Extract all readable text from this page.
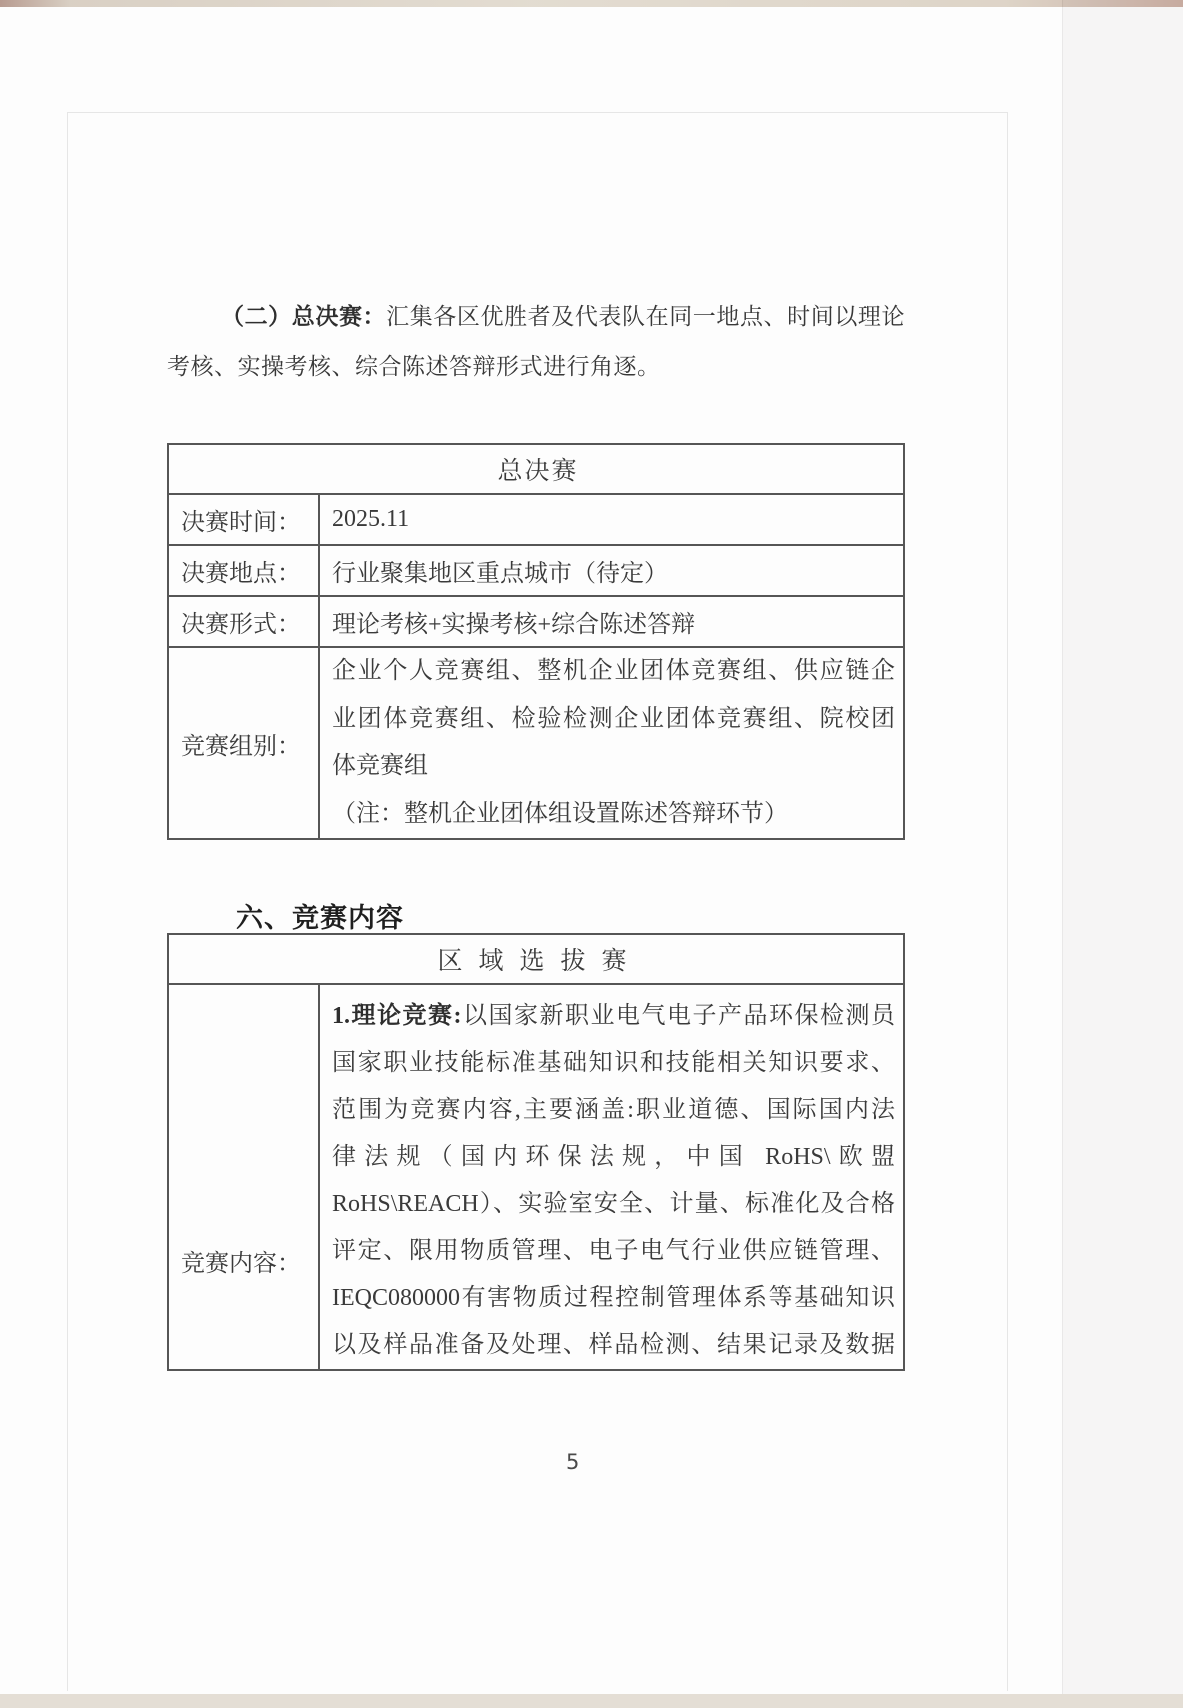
（二）总决赛：汇集各区优胜者及代表队在同一地点、时间以理论
考核、实操考核、综合陈述答辩形式进行角逐。
总决赛	
决赛时间：	2025.11
决赛地点：	行业聚集地区重点城市（待定）
决赛形式：	理论考核+实操考核+综合陈述答辩
竞赛组别：	企业个人竞赛组、整机企业团体竞赛组、供应链企
业团体竞赛组、检验检测企业团体竞赛组、院校团
体竞赛组
（注：整机企业团体组设置陈述答辩环节）
六、竞赛内容
区域选拔赛

竞赛内容：

1.理论竞赛:以国家新职业电气电子产品环保检测员
国家职业技能标准基础知识和技能相关知识要求、
范围为竞赛内容,主要涵盖:职业道德、国际国内法
律法规（国内环保法规，中国 RoHS\欧盟
RoHS\REACH）、实验室安全、计量、标准化及合格
评定、限用物质管理、电子电气行业供应链管理、
IEQC080000有害物质过程控制管理体系等基础知识
以及样品准备及处理、样品检测、结果记录及数据
5
